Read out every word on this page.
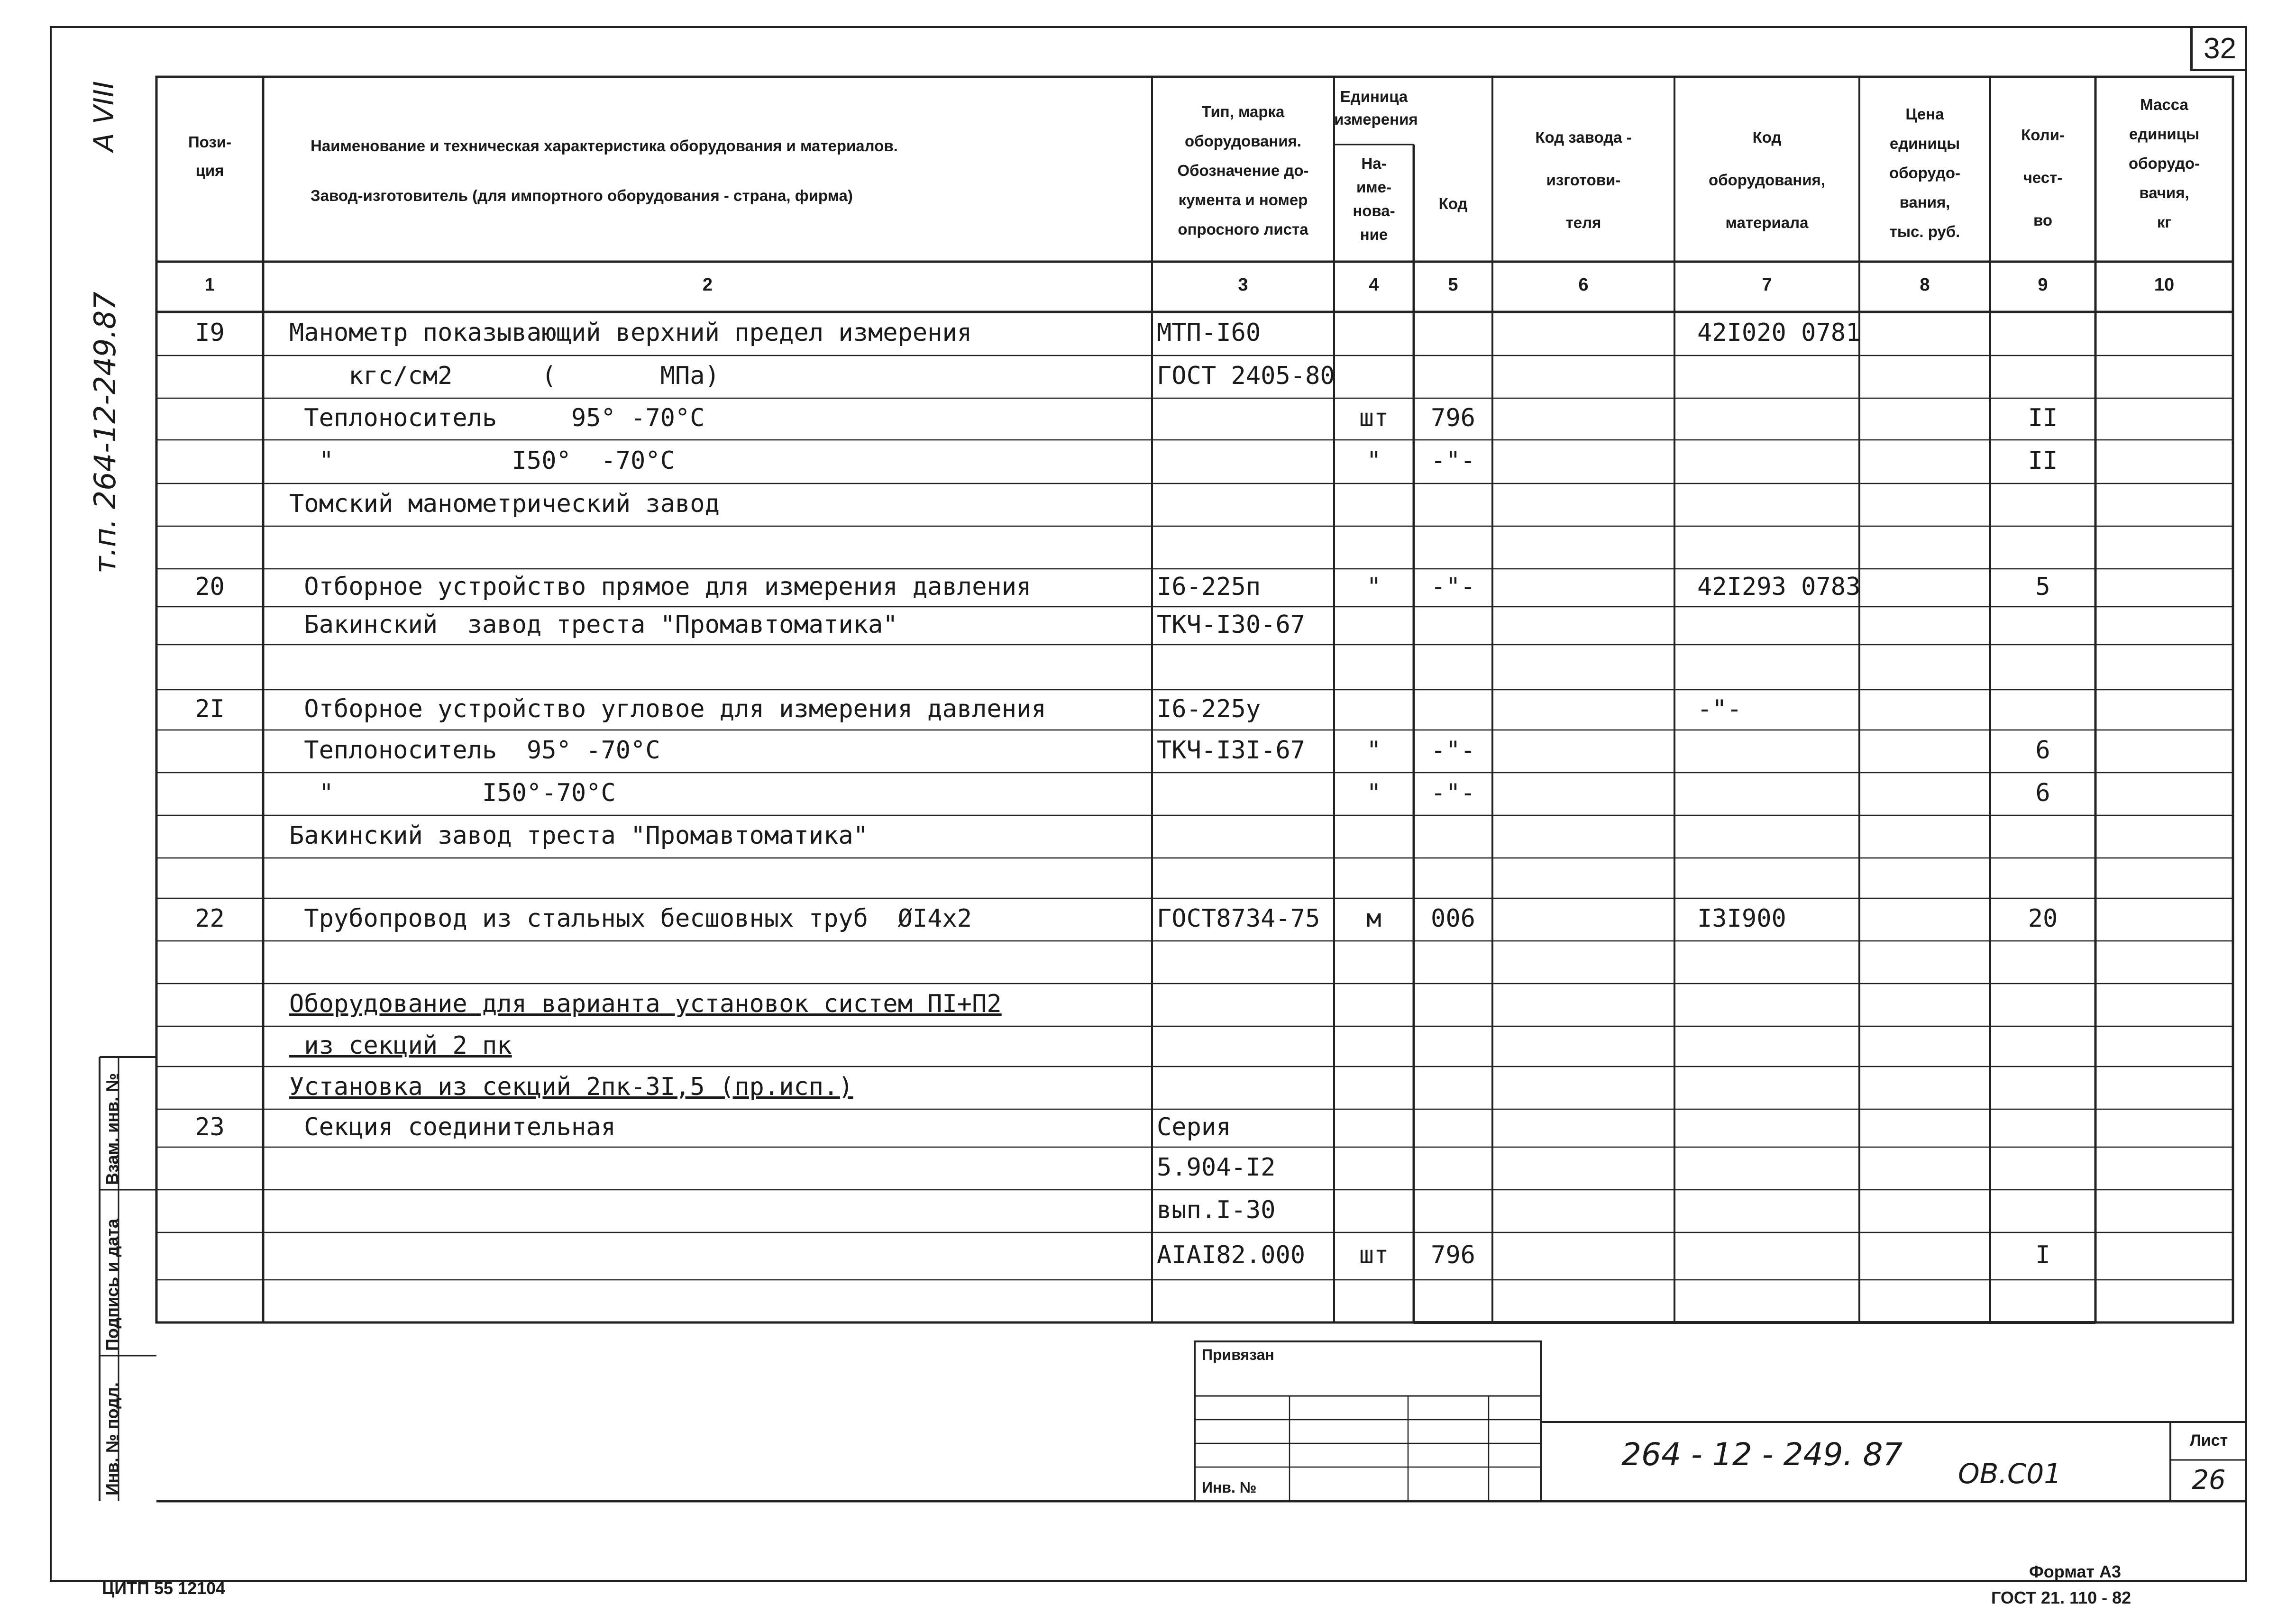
32
т.п. 264-12-249.87
А VIII
Инв. № подл.
Подпись и дата
Взам. инв. №
Пози-
ция
Наименование и техническая характеристика оборудования и материалов.
Завод-изготовитель (для импортного оборудования - страна, фирма)
Тип, марка
оборудования.
Обозначение до-
кумента и номер
опросного листа
Единица
измерения
На-
име-
нова-
ние
Код
Код завода -
изготови-
теля
Код
оборудования,
материала
Цена
единицы
оборудо-
вания,
тыс. руб.
Коли-
чест-
во
Масса
единицы
оборудо-
вачия,
кг
1	2	3	4	5	6	7	8	9	10
I9	Манометр показывающий верхний предел измерения	МТП-I60	42I020 0781
кгс/см2      (       МПа)	ГОСТ 2405-80
Теплоноситель     95° -70°С	шт	796	II
"            I50°  -70°С	"	-"-	II
Томский манометрический завод
20	Отборное устройство прямое для измерения давления	I6-225п	"	-"-	42I293 0783	5
Бакинский  завод треста "Промавтоматика"	ТКЧ-I30-67
2I	Отборное устройство угловое для измерения давления	I6-225у	-"-
Теплоноситель  95° -70°С	ТКЧ-I3I-67	"	-"-	6
"          I50°-70°С	"	-"-	6
Бакинский завод треста "Промавтоматика"
22	Трубопровод из стальных бесшовных труб  ØI4х2	ГОСТ8734-75	м	006	I3I900	20
Оборудование для варианта установок систем ПI+П2
из секций 2 пк
Установка из секций 2пк-3I,5 (пр.исп.)
23	Секция соединительная	Серия
5.904-I2
вып.I-30
AIAI82.000	шт	796	I
Привязан
Инв. №
264 - 12 - 249. 87
ОВ.С01
Лист
26
ЦИТП 55 12104
Формат А3
ГОСТ 21. 110 - 82
